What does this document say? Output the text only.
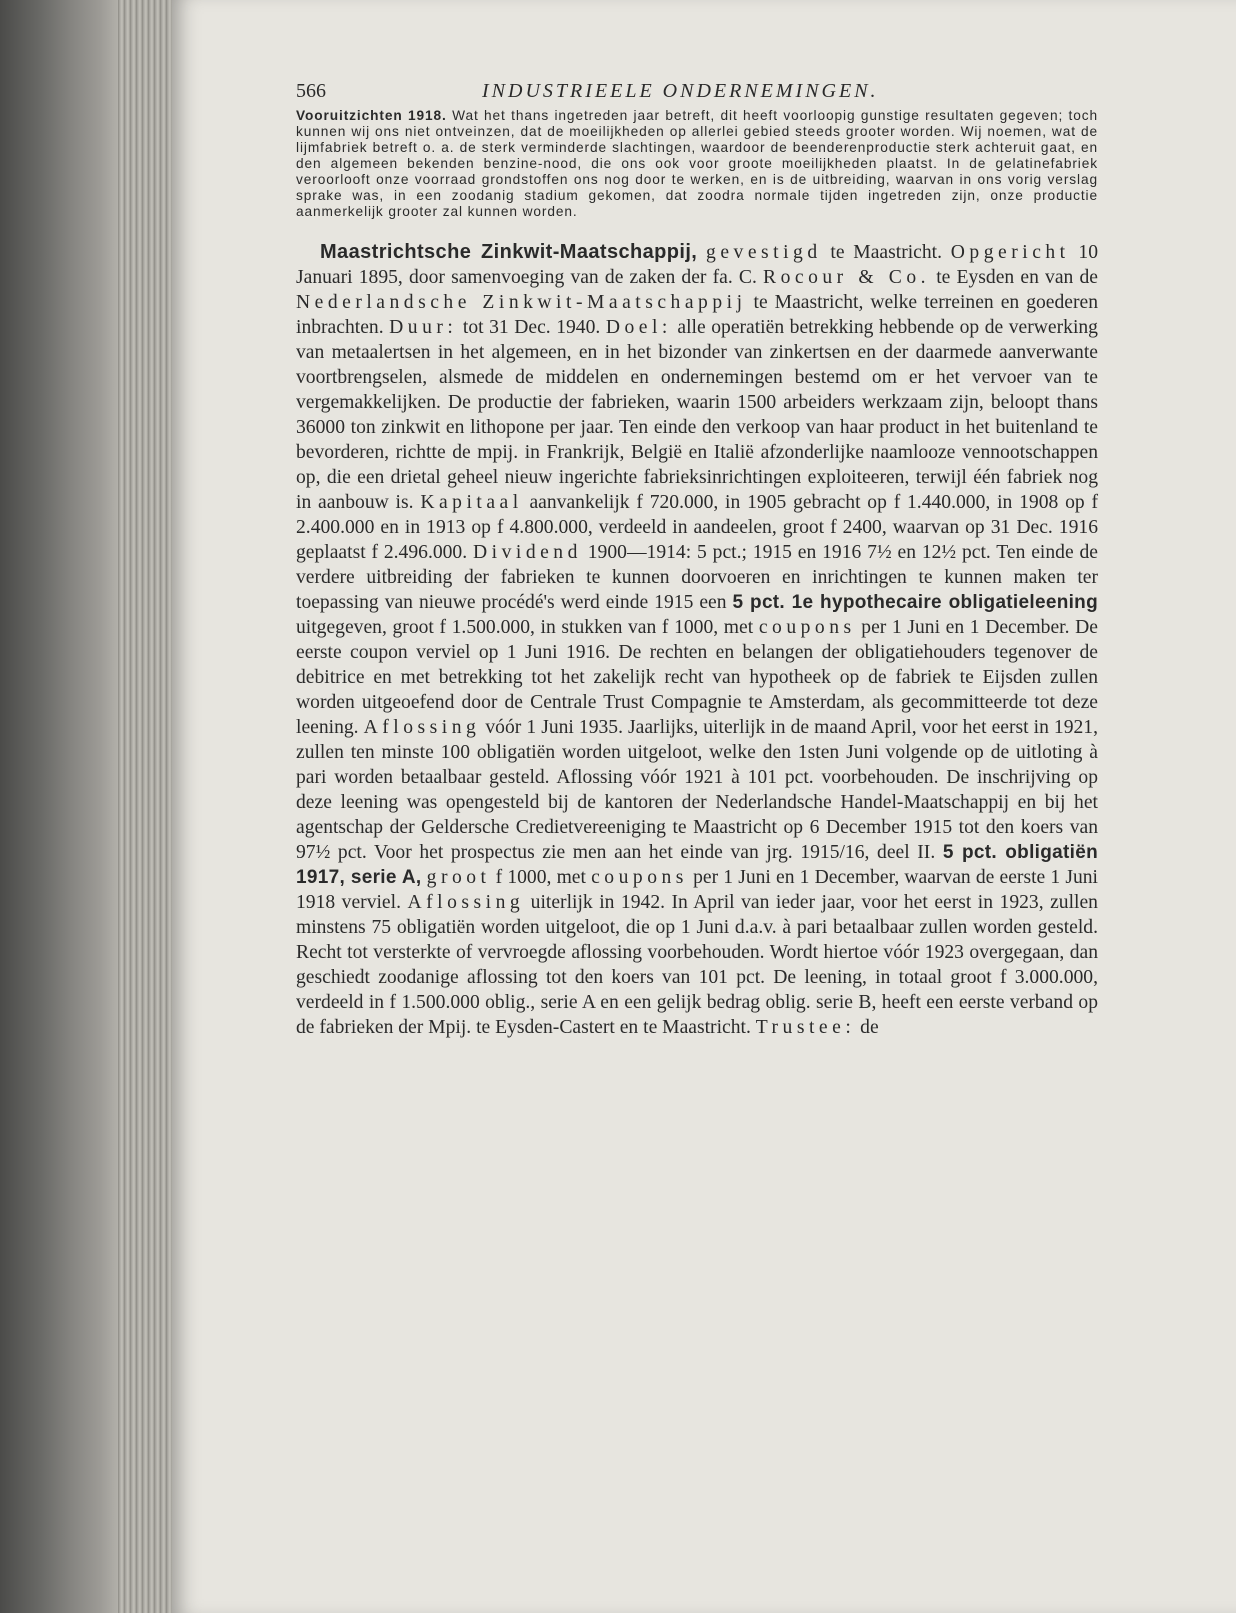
566	INDUSTRIEELE ONDERNEMINGEN.

Vooruitzichten 1918. Wat het thans ingetreden jaar betreft, dit heeft voorloopig gunstige resultaten gegeven; toch kunnen wij ons niet ontveinzen, dat de moeilijkheden op allerlei gebied steeds grooter worden. Wij noemen, wat de lijmfabriek betreft o. a. de sterk verminderde slachtingen, waardoor de beenderenproductie sterk achteruit gaat, en den algemeen bekenden benzine-nood, die ons ook voor groote moeilijkheden plaatst. In de gelatinefabriek veroorlooft onze voorraad grondstoffen ons nog door te werken, en is de uitbreiding, waarvan in ons vorig verslag sprake was, in een zoodanig stadium gekomen, dat zoodra normale tijden ingetreden zijn, onze productie aanmerkelijk grooter zal kunnen worden.

Maastrichtsche Zinkwit-Maatschappij, gevestigd te Maastricht. Opgericht 10 Januari 1895, door samenvoeging van de zaken der fa. C. Rocour & Co. te Eysden en van de Nederlandsche Zinkwit-Maatschappij te Maastricht, welke terreinen en goederen inbrachten. Duur: tot 31 Dec. 1940. Doel: alle operatiën betrekking hebbende op de verwerking van metaalertsen in het algemeen, en in het bizonder van zinkertsen en der daarmede aanverwante voortbrengselen, alsmede de middelen en ondernemingen bestemd om er het vervoer van te vergemakkelijken. De productie der fabrieken, waarin 1500 arbeiders werkzaam zijn, beloopt thans 36000 ton zinkwit en lithopone per jaar. Ten einde den verkoop van haar product in het buitenland te bevorderen, richtte de mpij. in Frankrijk, België en Italië afzonderlijke naamlooze vennootschappen op, die een drietal geheel nieuw ingerichte fabrieksinrichtingen exploiteeren, terwijl één fabriek nog in aanbouw is. Kapitaal aanvankelijk f 720.000, in 1905 gebracht op f 1.440.000, in 1908 op f 2.400.000 en in 1913 op f 4.800.000, verdeeld in aandeelen, groot f 2400, waarvan op 31 Dec. 1916 geplaatst f 2.496.000. Dividend 1900—1914: 5 pct.; 1915 en 1916 7½ en 12½ pct. Ten einde de verdere uitbreiding der fabrieken te kunnen doorvoeren en inrichtingen te kunnen maken ter toepassing van nieuwe procédé's werd einde 1915 een 5 pct. 1e hypothecaire obligatieleening uitgegeven, groot f 1.500.000, in stukken van f 1000, met coupons per 1 Juni en 1 December. De eerste coupon verviel op 1 Juni 1916. De rechten en belangen der obligatiehouders tegenover de debitrice en met betrekking tot het zakelijk recht van hypotheek op de fabriek te Eijsden zullen worden uitgeoefend door de Centrale Trust Compagnie te Amsterdam, als gecommitteerde tot deze leening. Aflossing vóór 1 Juni 1935. Jaarlijks, uiterlijk in de maand April, voor het eerst in 1921, zullen ten minste 100 obligatiën worden uitgeloot, welke den 1sten Juni volgende op de uitloting à pari worden betaalbaar gesteld. Aflossing vóór 1921 à 101 pct. voorbehouden. De inschrijving op deze leening was opengesteld bij de kantoren der Nederlandsche Handel-Maatschappij en bij het agentschap der Geldersche Credietvereeniging te Maastricht op 6 December 1915 tot den koers van 97½ pct. Voor het prospectus zie men aan het einde van jrg. 1915/16, deel II. 5 pct. obligatiën 1917, serie A, groot f 1000, met coupons per 1 Juni en 1 December, waarvan de eerste 1 Juni 1918 verviel. Aflossing uiterlijk in 1942. In April van ieder jaar, voor het eerst in 1923, zullen minstens 75 obligatiën worden uitgeloot, die op 1 Juni d.a.v. à pari betaalbaar zullen worden gesteld. Recht tot versterkte of vervroegde aflossing voorbehouden. Wordt hiertoe vóór 1923 overgegaan, dan geschiedt zoodanige aflossing tot den koers van 101 pct. De leening, in totaal groot f 3.000.000, verdeeld in f 1.500.000 oblig., serie A en een gelijk bedrag oblig. serie B, heeft een eerste verband op de fabrieken der Mpij. te Eysden-Castert en te Maastricht. Trustee: de
